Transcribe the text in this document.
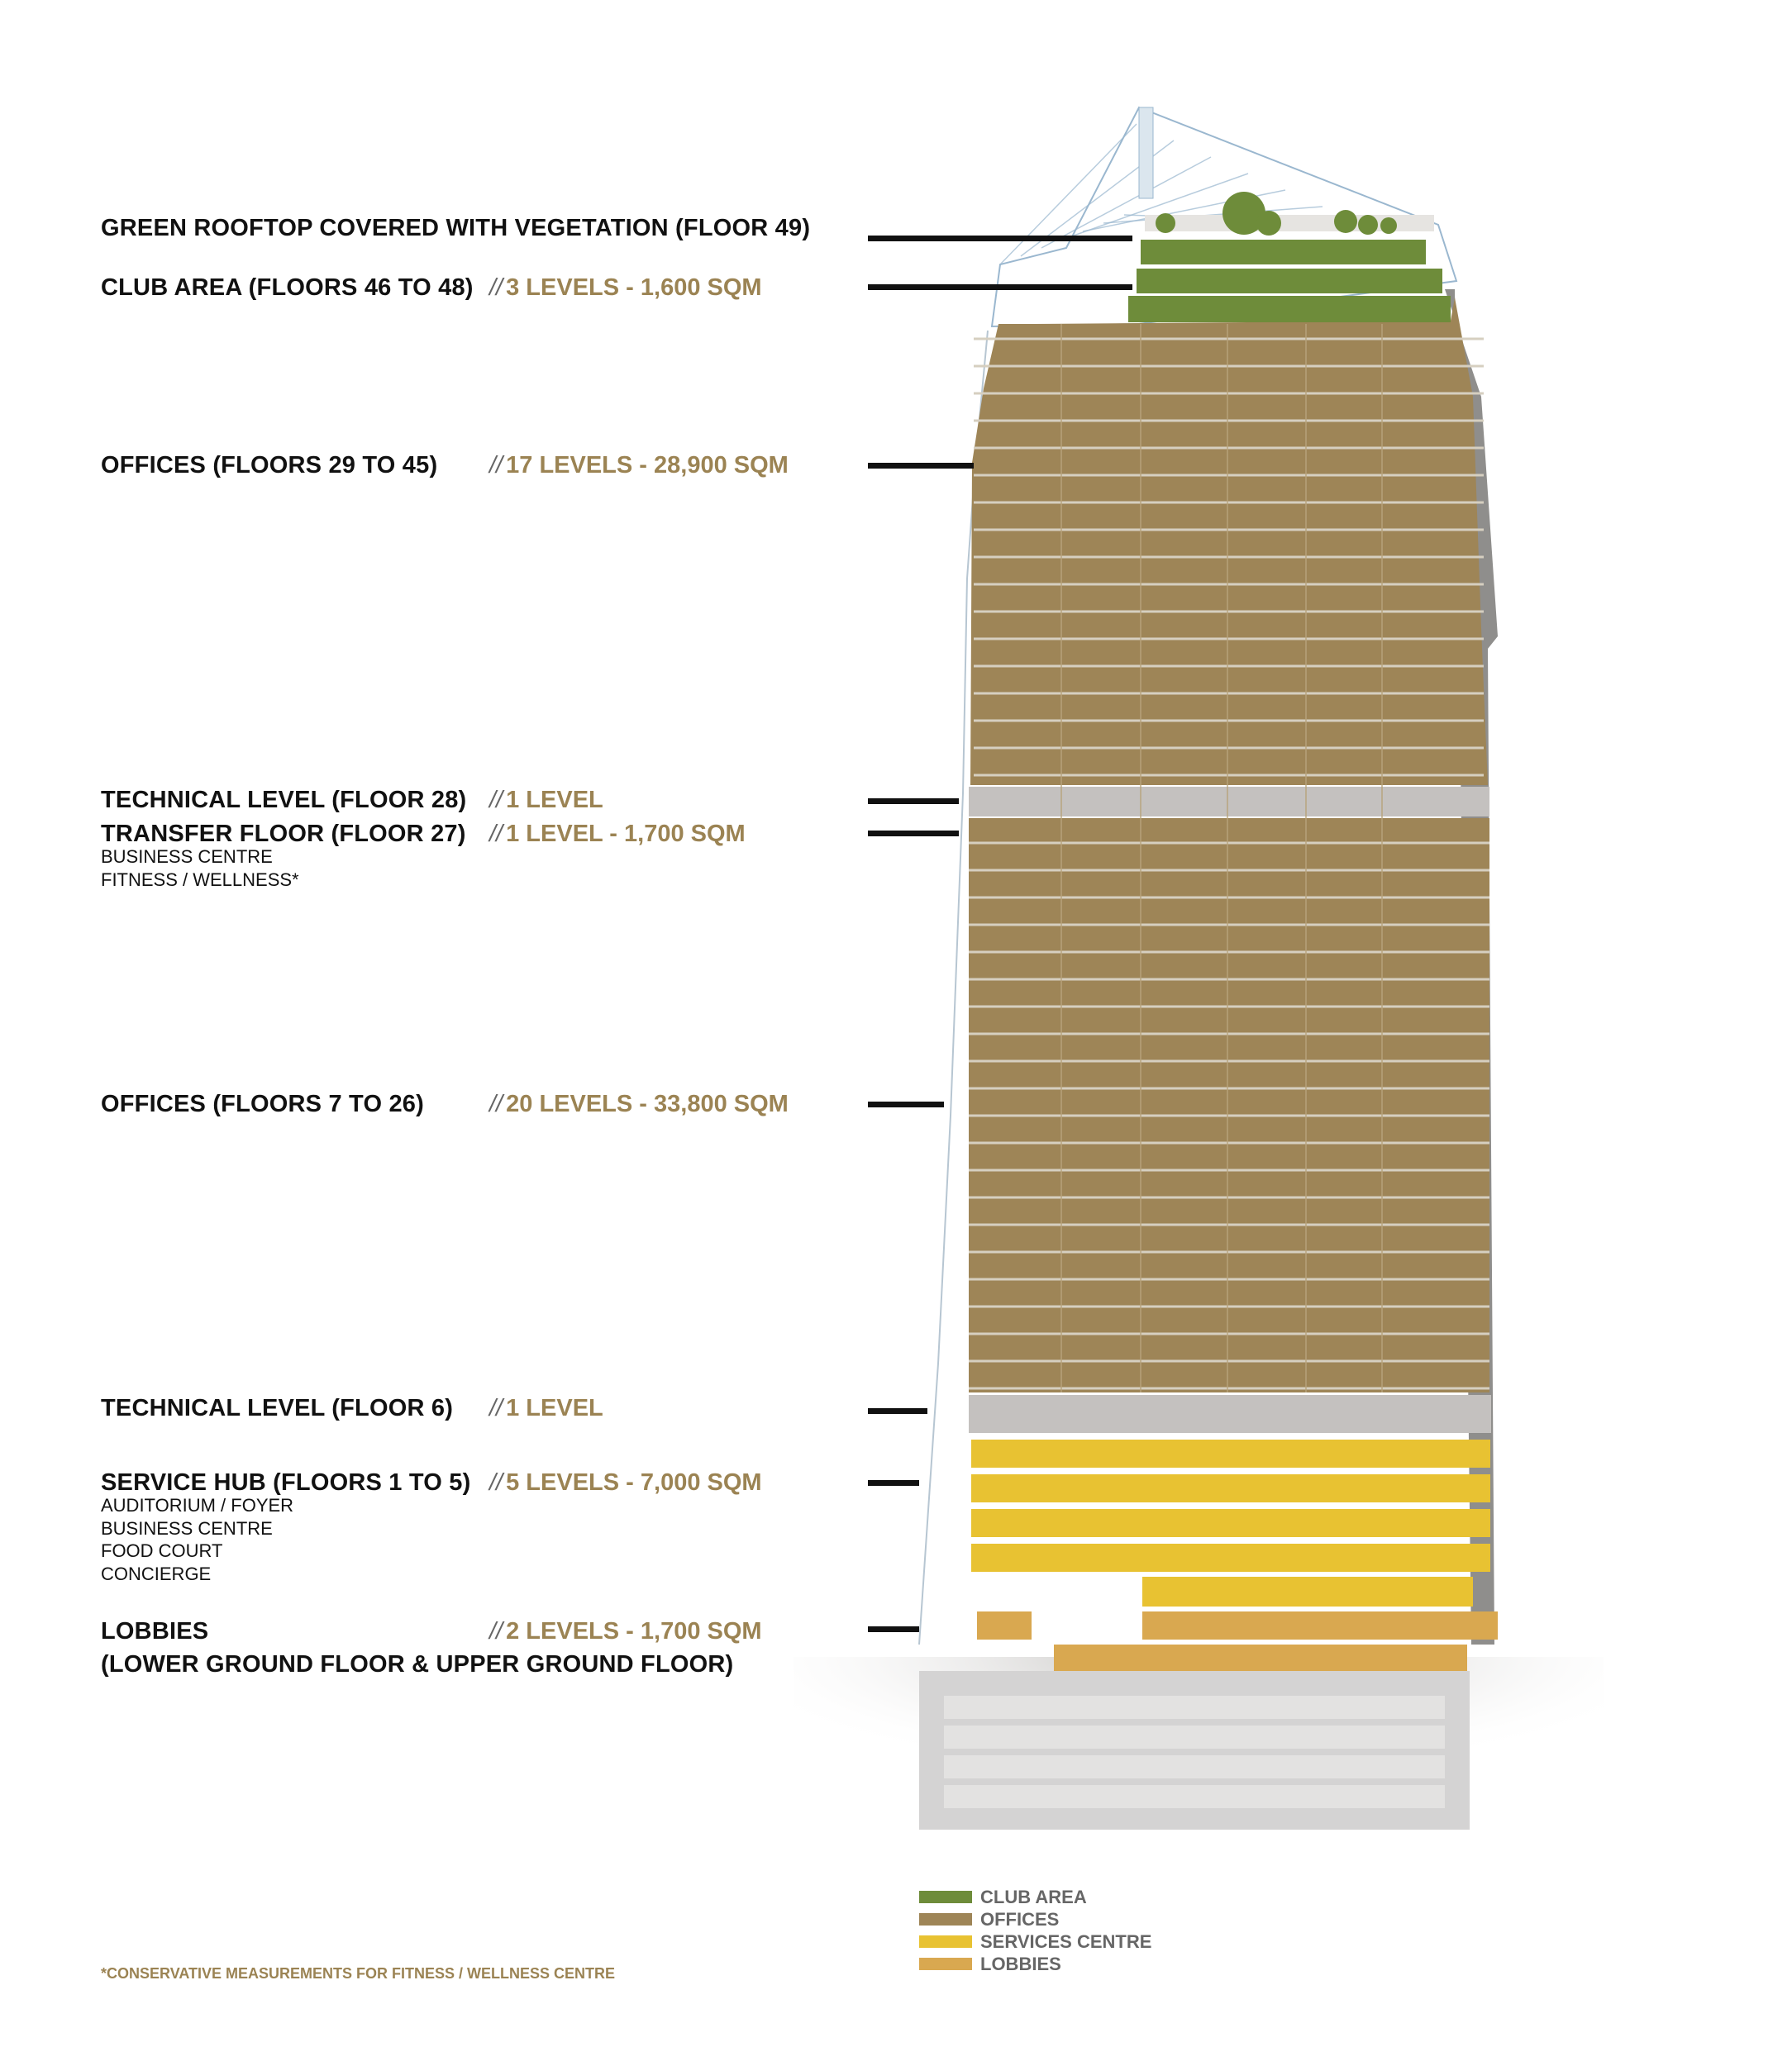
GREEN ROOFTOP COVERED WITH VEGETATION (FLOOR 49)
CLUB AREA (FLOORS 46 TO 48) // 3 LEVELS - 1,600 SQM
OFFICES (FLOORS 29 TO 45) // 17 LEVELS - 28,900 SQM
TECHNICAL LEVEL (FLOOR 28) // 1 LEVEL
TRANSFER FLOOR (FLOOR 27) // 1 LEVEL - 1,700 SQM
BUSINESS CENTRE
FITNESS / WELLNESS*
OFFICES (FLOORS 7 TO 26)	// 20 LEVELS - 33,800 SQM
TECHNICAL LEVEL (FLOOR 6) // 1 LEVEL
SERVICE HUB (FLOORS 1 TO 5) // 5 LEVELS - 7,000 SQM
AUDITORIUM / FOYER
BUSINESS CENTRE
FOOD COURT
CONCIERGE
LOBBIES	// 2 LEVELS - 1,700 SQM
(LOWER GROUND FLOOR & UPPER GROUND FLOOR)
*CONSERVATIVE MEASUREMENTS FOR FITNESS / WELLNESS CENTRE
CLUB AREA
OFFICES
SERVICES CENTRE
LOBBIES
